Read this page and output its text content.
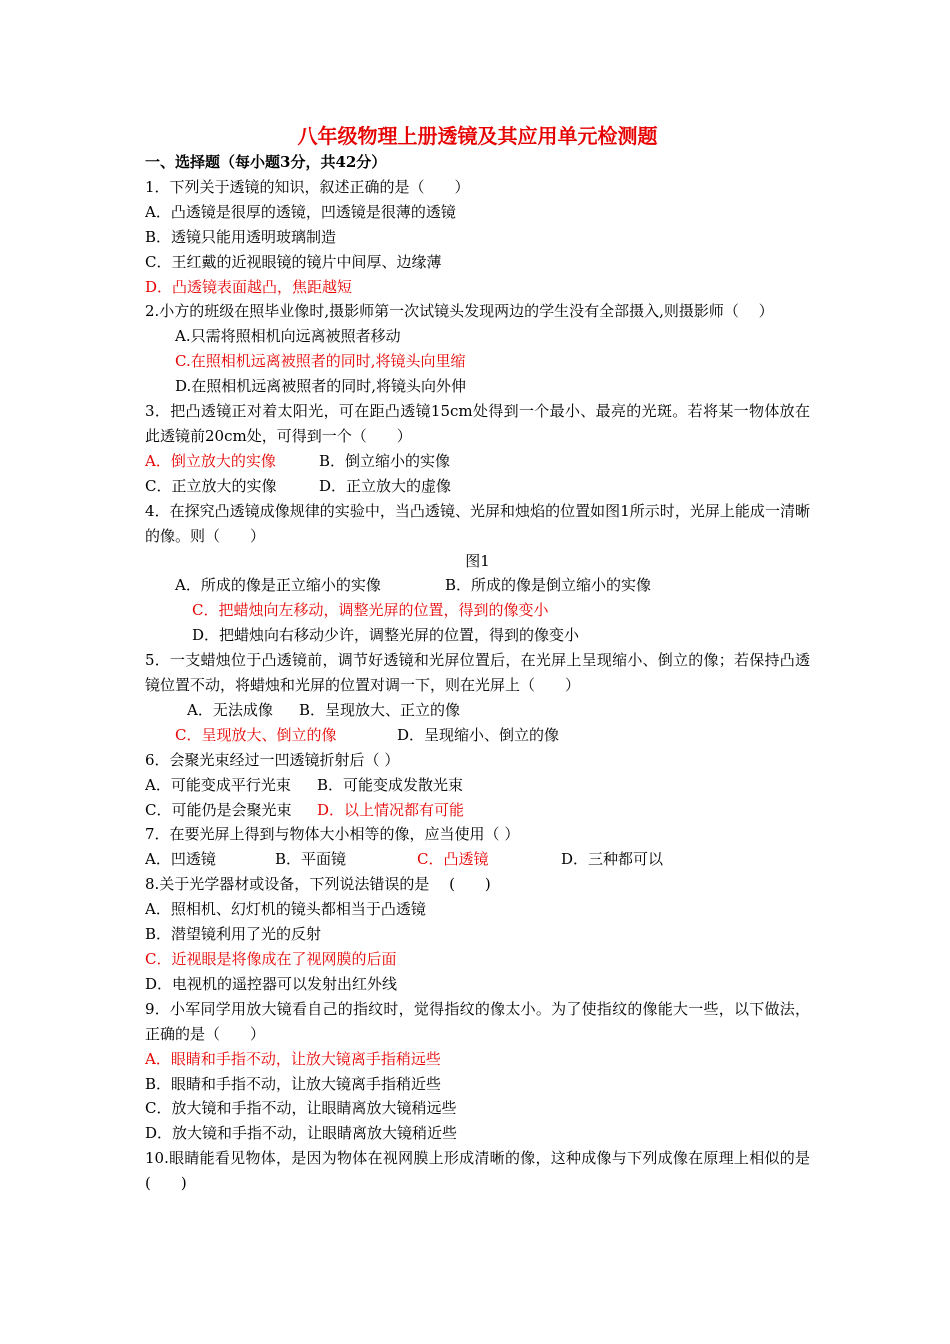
八年级物理上册透镜及其应用单元检测题
一、选择题（每小题3分，共42分）
1．下列关于透镜的知识，叙述正确的是（　　）
A．凸透镜是很厚的透镜，凹透镜是很薄的透镜
B．透镜只能用透明玻璃制造
C．王红戴的近视眼镜的镜片中间厚、边缘薄
D．凸透镜表面越凸，焦距越短
2.小方的班级在照毕业像时,摄影师第一次试镜头发现两边的学生没有全部摄入,则摄影师（　 ）
A.只需将照相机向远离被照者移动
C.在照相机远离被照者的同时,将镜头向里缩
D.在照相机远离被照者的同时,将镜头向外伸
3．把凸透镜正对着太阳光，可在距凸透镜15cm处得到一个最小、最亮的光斑。若将某一物体放在此透镜前20cm处，可得到一个（　　）
A．倒立放大的实像	B．倒立缩小的实像
C．正立放大的实像	D．正立放大的虚像
4．在探究凸透镜成像规律的实验中，当凸透镜、光屏和烛焰的位置如图1所示时，光屏上能成一清晰的像。则（　　）
图1
A．所成的像是正立缩小的实像	B．所成的像是倒立缩小的实像
C．把蜡烛向左移动，调整光屏的位置，得到的像变小
D．把蜡烛向右移动少许，调整光屏的位置，得到的像变小
5．一支蜡烛位于凸透镜前，调节好透镜和光屏位置后，在光屏上呈现缩小、倒立的像；若保持凸透镜位置不动，将蜡烛和光屏的位置对调一下，则在光屏上（　　）
A．无法成像 B．呈现放大、正立的像
C．呈现放大、倒立的像	D．呈现缩小、倒立的像
6．会聚光束经过一凹透镜折射后（ ）
A．可能变成平行光束 B．可能变成发散光束
C．可能仍是会聚光束 D．以上情况都有可能
7．在要光屏上得到与物体大小相等的像，应当使用（ ）
A．凹透镜	B．平面镜	C．凸透镜	D．三种都可以
8.关于光学器材或设备，下列说法错误的是　 (　　)
A．照相机、幻灯机的镜头都相当于凸透镜
B．潜望镜利用了光的反射
C．近视眼是将像成在了视网膜的后面
D．电视机的遥控器可以发射出红外线
9．小军同学用放大镜看自己的指纹时，觉得指纹的像太小。为了使指纹的像能大一些，以下做法，正确的是（　　）
A．眼睛和手指不动，让放大镜离手指稍远些
B．眼睛和手指不动，让放大镜离手指稍近些
C．放大镜和手指不动，让眼睛离放大镜稍远些
D．放大镜和手指不动，让眼睛离放大镜稍近些
10.眼睛能看见物体，是因为物体在视网膜上形成清晰的像，这种成像与下列成像在原理上相似的是(　　)
